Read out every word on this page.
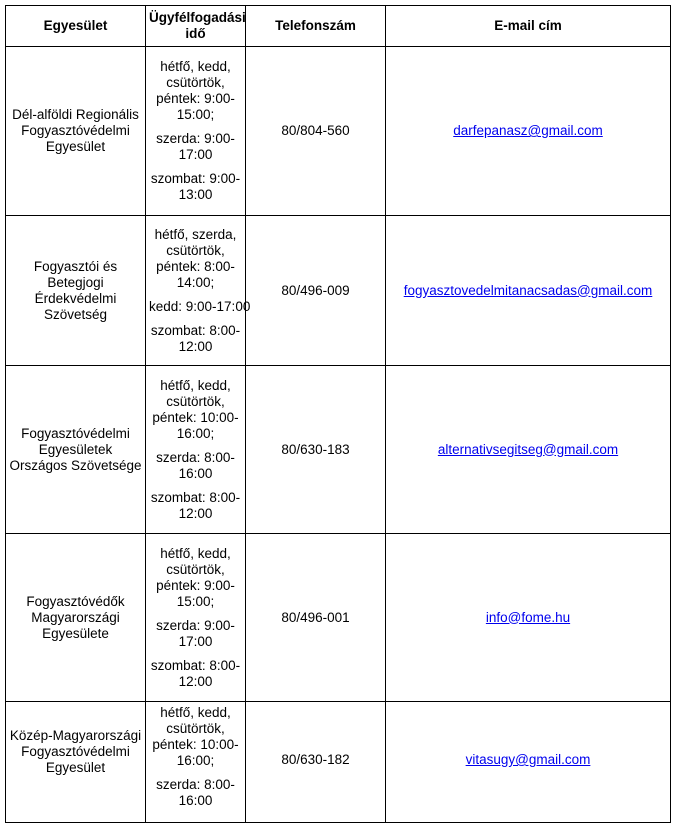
Egyesület	Ügyfélfogadási idő	Telefonszám	E-mail cím
Dél-alföldi Regionális Fogyasztóvédelmi Egyesület	hétfő, kedd, csütörtök, péntek: 9:00-15:00;

szerda: 9:00-17:00

szombat: 9:00-13:00	80/804-560	darfepanasz@gmail.com
Fogyasztói és Betegjogi Érdekvédelmi Szövetség	hétfő, szerda, csütörtök, péntek: 8:00-14:00;

kedd: 9:00-17:00

szombat: 8:00-12:00	80/496-009	fogyasztovedelmitanacsadas@gmail.com
Fogyasztóvédelmi Egyesületek Országos Szövetsége	hétfő, kedd, csütörtök, péntek: 10:00-16:00;

szerda: 8:00-16:00

szombat: 8:00-12:00	80/630-183	alternativsegitseg@gmail.com
Fogyasztóvédők Magyarországi Egyesülete	hétfő, kedd, csütörtök, péntek: 9:00-15:00;

szerda: 9:00-17:00

szombat: 8:00-12:00	80/496-001	info@fome.hu
Közép-Magyarországi Fogyasztóvédelmi Egyesület	hétfő, kedd, csütörtök, péntek: 10:00-16:00;

szerda: 8:00-16:00	80/630-182	vitasugy@gmail.com
